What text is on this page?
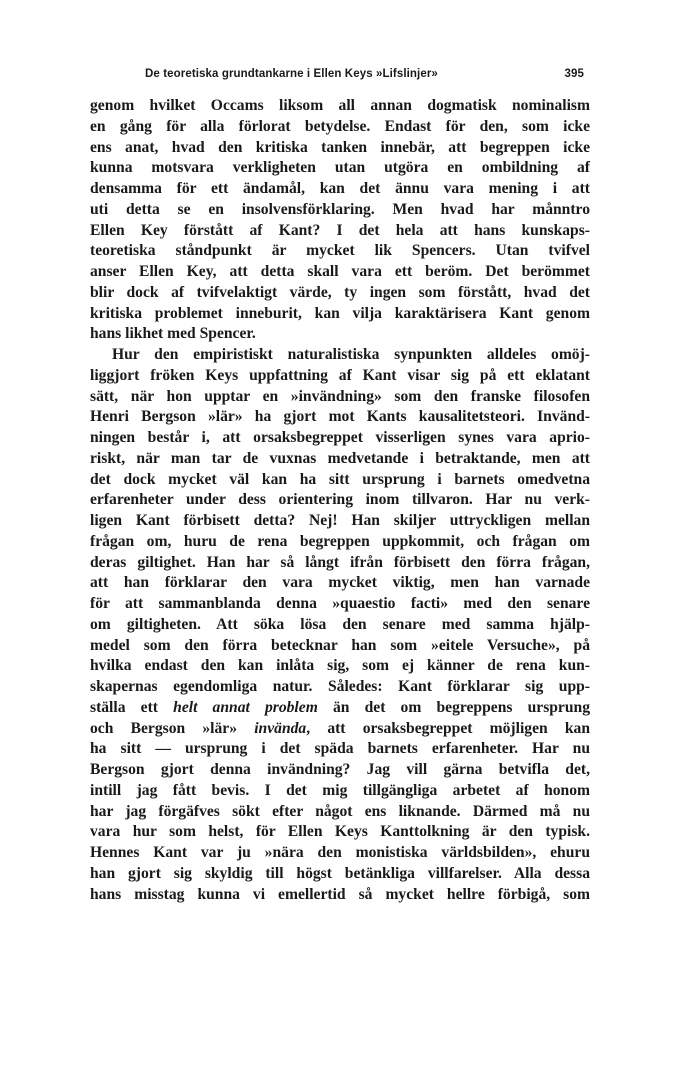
De teoretiska grundtankarne i Ellen Keys »Lifslinjer»	395
genom hvilket Occams liksom all annan dogmatisk nominalism
en gång för alla förlorat betydelse. Endast för den, som icke
ens anat, hvad den kritiska tanken innebär, att begreppen icke
kunna motsvara verkligheten utan utgöra en ombildning af
densamma för ett ändamål, kan det ännu vara mening i att
uti detta se en insolvensförklaring. Men hvad har månntro
Ellen Key förstått af Kant? I det hela att hans kunskaps-
teoretiska ståndpunkt är mycket lik Spencers. Utan tvifvel
anser Ellen Key, att detta skall vara ett beröm. Det berömmet
blir dock af tvifvelaktigt värde, ty ingen som förstått, hvad det
kritiska problemet inneburit, kan vilja karaktärisera Kant genom
hans likhet med Spencer.
Hur den empiristiskt naturalistiska synpunkten alldeles omöj-
liggjort fröken Keys uppfattning af Kant visar sig på ett eklatant
sätt, när hon upptar en »invändning» som den franske filosofen
Henri Bergson »lär» ha gjort mot Kants kausalitetsteori. Invänd-
ningen består i, att orsaksbegreppet visserligen synes vara aprio-
riskt, när man tar de vuxnas medvetande i betraktande, men att
det dock mycket väl kan ha sitt ursprung i barnets omedvetna
erfarenheter under dess orientering inom tillvaron. Har nu verk-
ligen Kant förbisett detta? Nej! Han skiljer uttryckligen mellan
frågan om, huru de rena begreppen uppkommit, och frågan om
deras giltighet. Han har så långt ifrån förbisett den förra frågan,
att han förklarar den vara mycket viktig, men han varnade
för att sammanblanda denna »quaestio facti» med den senare
om giltigheten. Att söka lösa den senare med samma hjälp-
medel som den förra betecknar han som »eitele Versuche», på
hvilka endast den kan inlåta sig, som ej känner de rena kun-
skapernas egendomliga natur. Således: Kant förklarar sig upp-
ställa ett helt annat problem än det om begreppens ursprung
och Bergson »lär» invända, att orsaksbegreppet möjligen kan
ha sitt — ursprung i det späda barnets erfarenheter. Har nu
Bergson gjort denna invändning? Jag vill gärna betvifla det,
intill jag fått bevis. I det mig tillgängliga arbetet af honom
har jag förgäfves sökt efter något ens liknande. Därmed må nu
vara hur som helst, för Ellen Keys Kanttolkning är den typisk.
Hennes Kant var ju »nära den monistiska världsbilden», ehuru
han gjort sig skyldig till högst betänkliga villfarelser. Alla dessa
hans misstag kunna vi emellertid så mycket hellre förbigå, som
